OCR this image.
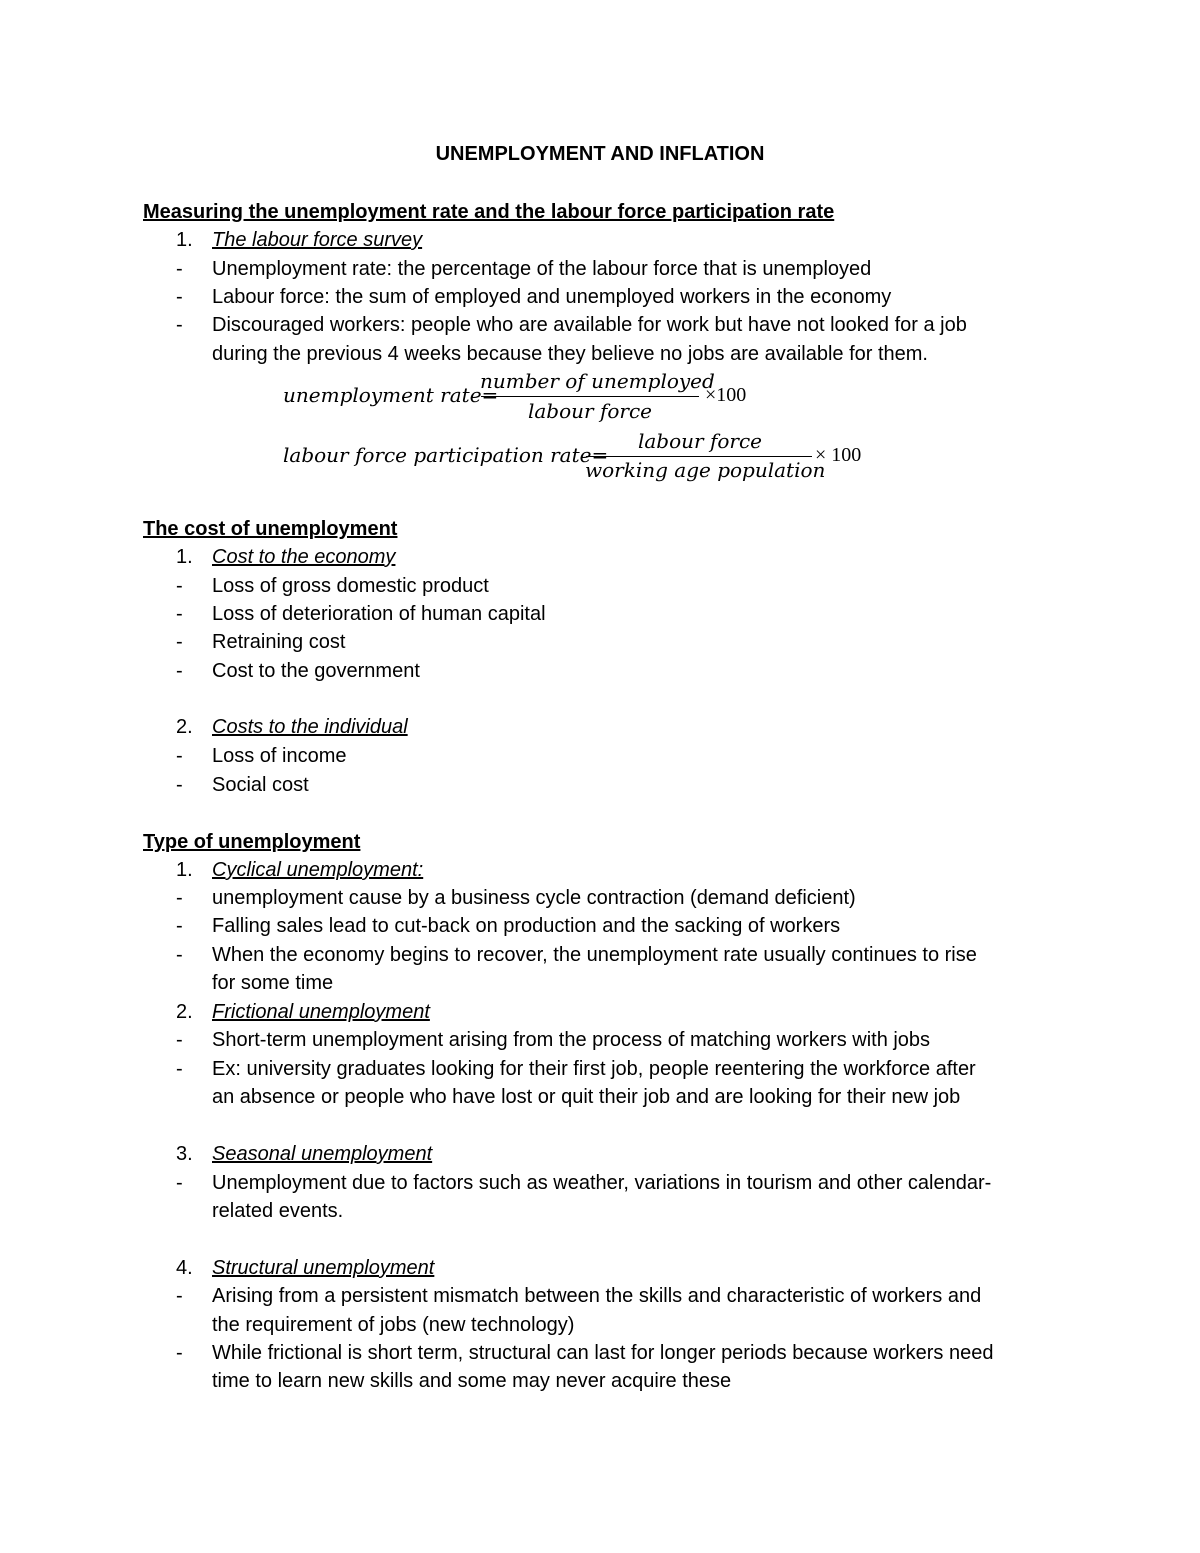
UNEMPLOYMENT AND INFLATION
Measuring the unemployment rate and the labour force participation rate
1. The labour force survey
- Unemployment rate: the percentage of the labour force that is unemployed
- Labour force: the sum of employed and unemployed workers in the economy
- Discouraged workers: people who are available for work but have not looked for a job
during the previous 4 weeks because they believe no jobs are available for them.
unemployment rate=
number of unemployed
labour force
×100
labour force participation rate=
labour force
working age population
× 100
The cost of unemployment
1. Cost to the economy
- Loss of gross domestic product
- Loss of deterioration of human capital
- Retraining cost
- Cost to the government
2. Costs to the individual
- Loss of income
- Social cost
Type of unemployment
1. Cyclical unemployment:
- unemployment cause by a business cycle contraction (demand deficient)
- Falling sales lead to cut-back on production and the sacking of workers
- When the economy begins to recover, the unemployment rate usually continues to rise
for some time
2. Frictional unemployment
- Short-term unemployment arising from the process of matching workers with jobs
- Ex: university graduates looking for their first job, people reentering the workforce after
an absence or people who have lost or quit their job and are looking for their new job
3. Seasonal unemployment
- Unemployment due to factors such as weather, variations in tourism and other calendar-
related events.
4. Structural unemployment
- Arising from a persistent mismatch between the skills and characteristic of workers and
the requirement of jobs (new technology)
- While frictional is short term, structural can last for longer periods because workers need
time to learn new skills and some may never acquire these
